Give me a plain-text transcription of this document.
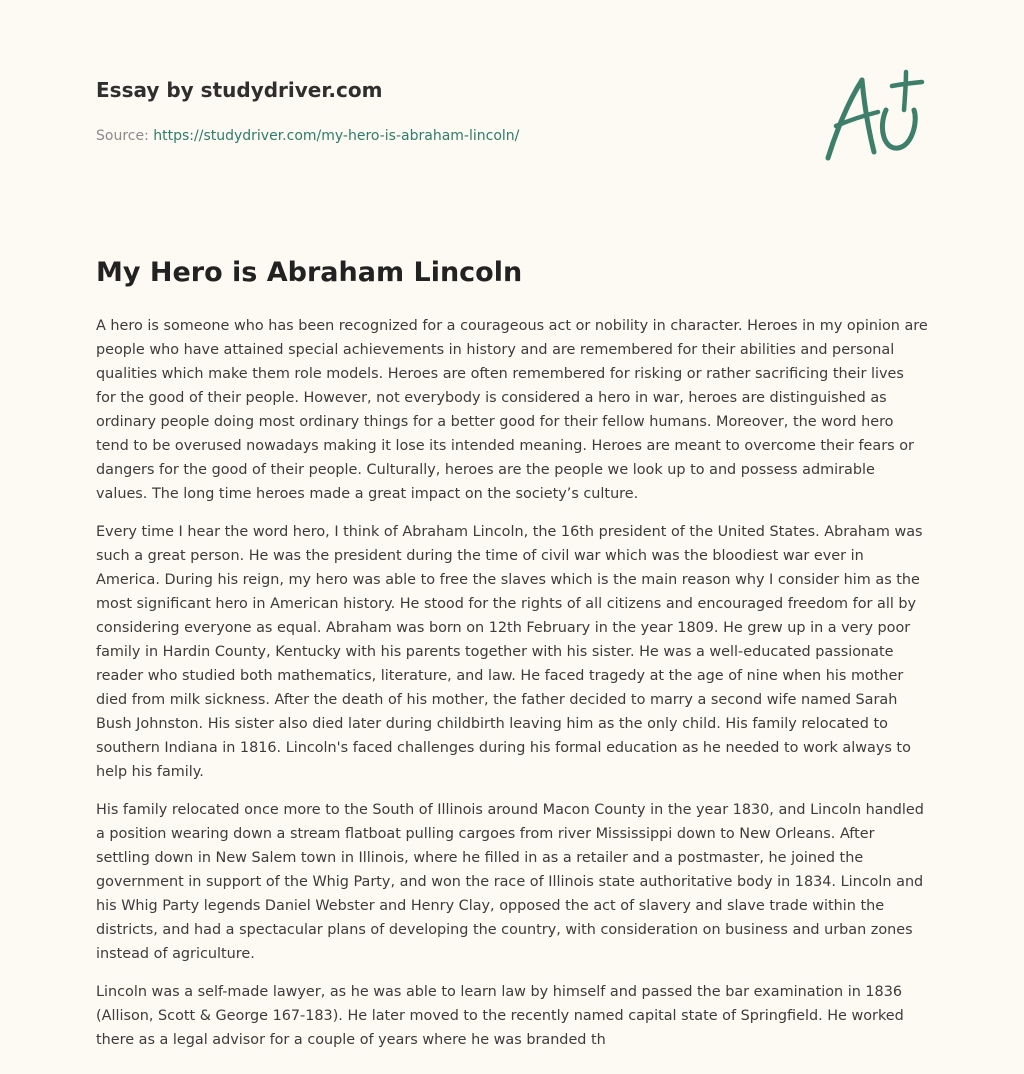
Essay by studydriver.com
Source: https://studydriver.com/my-hero-is-abraham-lincoln/
My Hero is Abraham Lincoln

A hero is someone who has been recognized for a courageous act or nobility in character. Heroes in my opinion are people who have attained special achievements in history and are remembered for their abilities and personal qualities which make them role models. Heroes are often remembered for risking or rather sacrificing their lives for the good of their people. However, not everybody is considered a hero in war, heroes are distinguished as ordinary people doing most ordinary things for a better good for their fellow humans. Moreover, the word hero tend to be overused nowadays making it lose its intended meaning. Heroes are meant to overcome their fears or dangers for the good of their people. Culturally, heroes are the people we look up to and possess admirable values. The long time heroes made a great impact on the society’s culture.

Every time I hear the word hero, I think of Abraham Lincoln, the 16th president of the United States. Abraham was such a great person. He was the president during the time of civil war which was the bloodiest war ever in America. During his reign, my hero was able to free the slaves which is the main reason why I consider him as the most significant hero in American history. He stood for the rights of all citizens and encouraged freedom for all by considering everyone as equal. Abraham was born on 12th February in the year 1809. He grew up in a very poor family in Hardin County, Kentucky with his parents together with his sister. He was a well-educated passionate reader who studied both mathematics, literature, and law. He faced tragedy at the age of nine when his mother died from milk sickness. After the death of his mother, the father decided to marry a second wife named Sarah Bush Johnston. His sister also died later during childbirth leaving him as the only child. His family relocated to southern Indiana in 1816. Lincoln's faced challenges during his formal education as he needed to work always to help his family.

His family relocated once more to the South of Illinois around Macon County in the year 1830, and Lincoln handled a position wearing down a stream flatboat pulling cargoes from river Mississippi down to New Orleans. After settling down in New Salem town in Illinois, where he filled in as a retailer and a postmaster, he joined the government in support of the Whig Party, and won the race of Illinois state authoritative body in 1834. Lincoln and his Whig Party legends Daniel Webster and Henry Clay, opposed the act of slavery and slave trade within the districts, and had a spectacular plans of developing the country, with consideration on business and urban zones instead of agriculture.

Lincoln was a self-made lawyer, as he was able to learn law by himself and passed the bar examination in 1836 (Allison, Scott & George 167-183). He later moved to the recently named capital state of Springfield. He worked there as a legal advisor for a couple of years where he was branded th
